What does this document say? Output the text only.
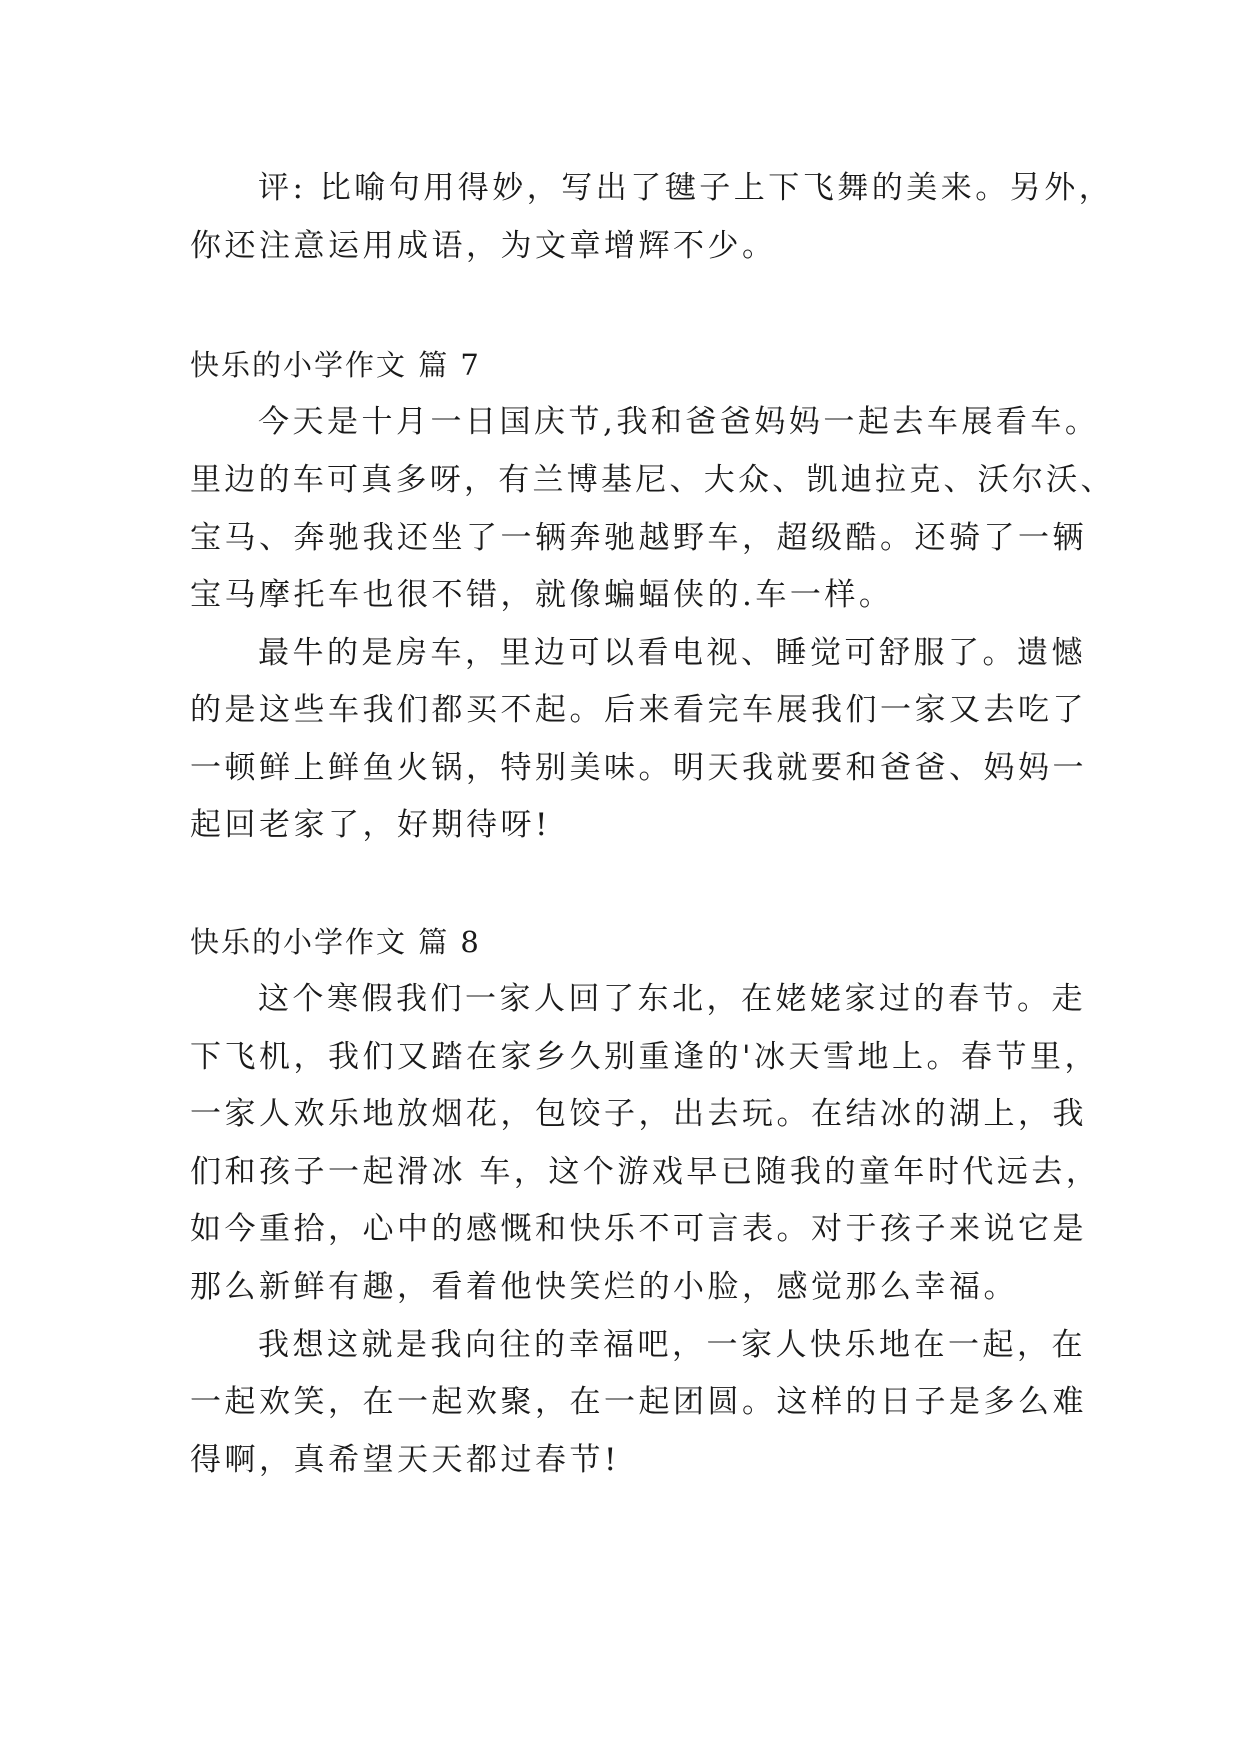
评: 比喻句用得妙，写出了毽子上下飞舞的美来。另外，
你还注意运用成语，为文章增辉不少。
快乐的小学作文 篇 7
今天是十月一日国庆节,我和爸爸妈妈一起去车展看车。
里边的车可真多呀，有兰博基尼、大众、凯迪拉克、沃尔沃、
宝马、奔驰我还坐了一辆奔驰越野车，超级酷。还骑了一辆
宝马摩托车也很不错，就像蝙蝠侠的.车一样。
最牛的是房车，里边可以看电视、睡觉可舒服了。遗憾
的是这些车我们都买不起。后来看完车展我们一家又去吃了
一顿鲜上鲜鱼火锅，特别美味。明天我就要和爸爸、妈妈一
起回老家了，好期待呀!
快乐的小学作文 篇 8
这个寒假我们一家人回了东北，在姥姥家过的春节。走
下飞机，我们又踏在家乡久别重逢的'冰天雪地上。春节里，
一家人欢乐地放烟花，包饺子，出去玩。在结冰的湖上，我
们和孩子一起滑冰 车，这个游戏早已随我的童年时代远去，
如今重拾，心中的感慨和快乐不可言表。对于孩子来说它是
那么新鲜有趣，看着他快笑烂的小脸，感觉那么幸福。
我想这就是我向往的幸福吧，一家人快乐地在一起，在
一起欢笑，在一起欢聚，在一起团圆。这样的日子是多么难
得啊，真希望天天都过春节!
